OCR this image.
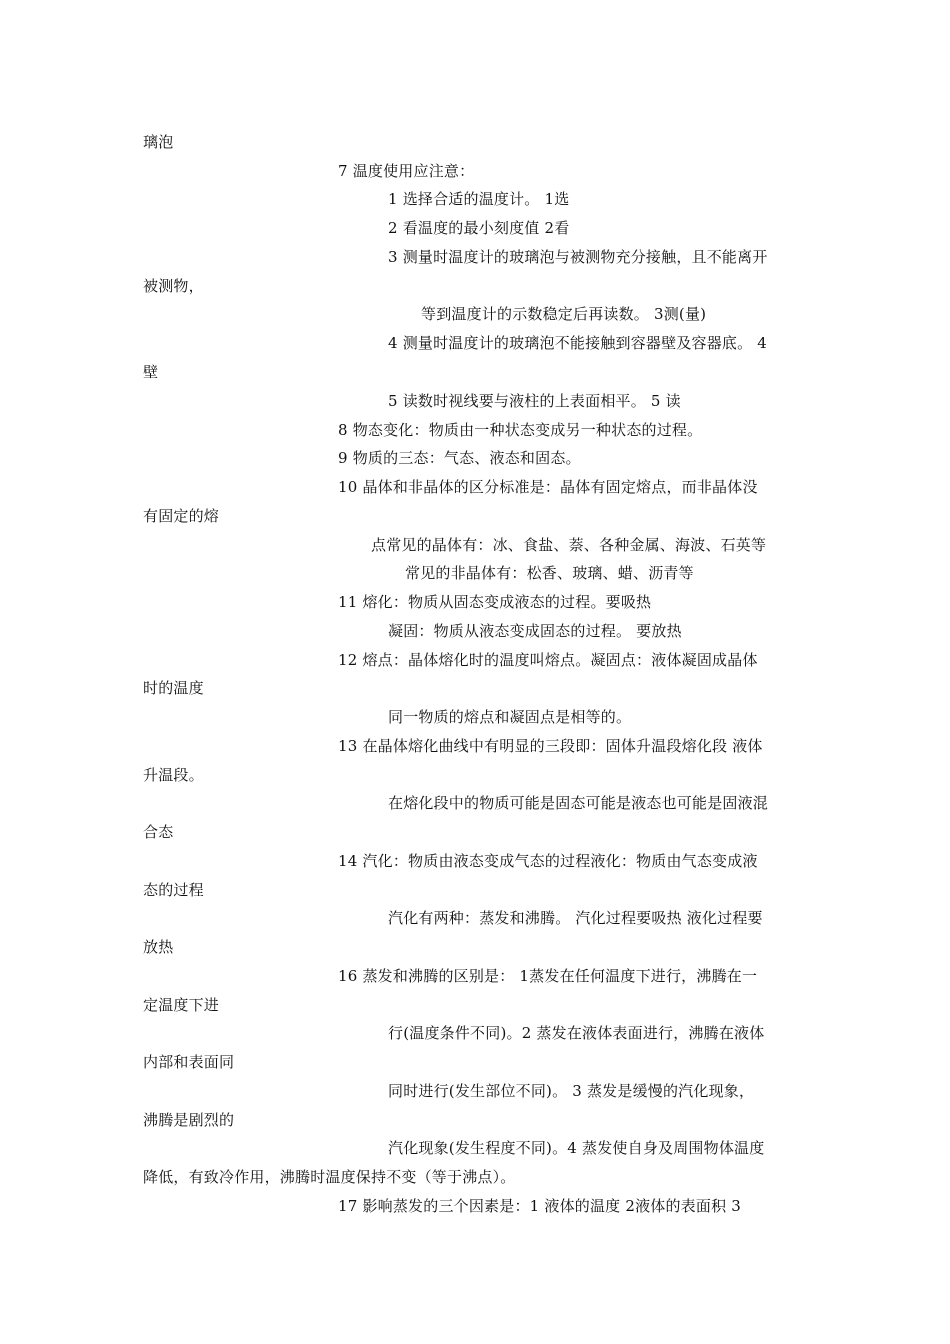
璃泡
7 温度使用应注意：
1 选择合适的温度计。 1选
2 看温度的最小刻度值 2看
3 测量时温度计的玻璃泡与被测物充分接触，且不能离开
被测物，
等到温度计的示数稳定后再读数。 3测(量)
4 测量时温度计的玻璃泡不能接触到容器壁及容器底。 4
壁
5 读数时视线要与液柱的上表面相平。 5 读
8 物态变化：物质由一种状态变成另一种状态的过程。
9 物质的三态：气态、液态和固态。
10 晶体和非晶体的区分标准是：晶体有固定熔点，而非晶体没
有固定的熔
点常见的晶体有：冰、食盐、萘、各种金属、海波、石英等
常见的非晶体有：松香、玻璃、蜡、沥青等
11 熔化：物质从固态变成液态的过程。要吸热
凝固：物质从液态变成固态的过程。 要放热
12 熔点：晶体熔化时的温度叫熔点。凝固点：液体凝固成晶体
时的温度
同一物质的熔点和凝固点是相等的。
13 在晶体熔化曲线中有明显的三段即：固体升温段熔化段 液体
升温段。
在熔化段中的物质可能是固态可能是液态也可能是固液混
合态
14 汽化：物质由液态变成气态的过程液化：物质由气态变成液
态的过程
汽化有两种：蒸发和沸腾。 汽化过程要吸热 液化过程要
放热
16 蒸发和沸腾的区别是： 1蒸发在任何温度下进行，沸腾在一
定温度下进
行(温度条件不同)。2 蒸发在液体表面进行，沸腾在液体
内部和表面同
同时进行(发生部位不同)。 3 蒸发是缓慢的汽化现象，
沸腾是剧烈的
汽化现象(发生程度不同)。4 蒸发使自身及周围物体温度
降低，有致冷作用，沸腾时温度保持不变（等于沸点）。
17 影响蒸发的三个因素是：1 液体的温度 2液体的表面积 3
